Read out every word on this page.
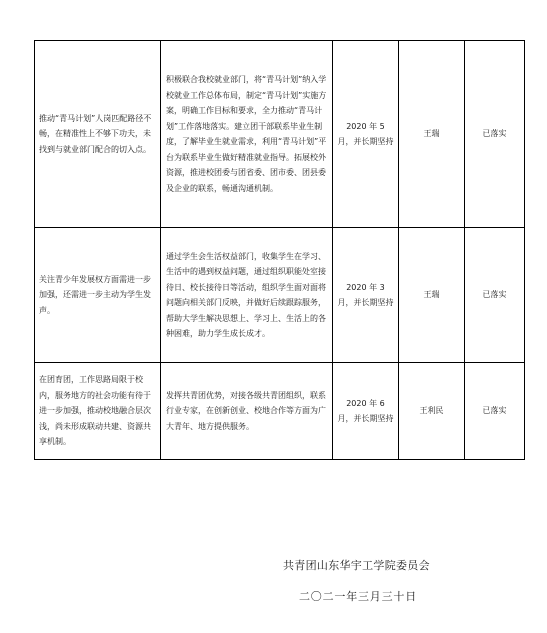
推动“青马计划”人岗匹配路径不畅，在精准性上不够下功夫，未找到与就业部门配合的切入点。	积极联合我校就业部门，将“青马计划”纳入学校就业工作总体布局，制定“青马计划”实施方案，明确工作目标和要求，全力推动“青马计划”工作落地落实。建立团干部联系毕业生制度，了解毕业生就业需求，利用“青马计划”平台为联系毕业生做好精准就业指导。拓展校外资源，推进校团委与团省委、团市委、团县委及企业的联系，畅通沟通机制。	2020 年 5 月，并长期坚持	王瑞	已落实
关注青少年发展权方面需进一步加强，还需进一步主动为学生发声。	通过学生会生活权益部门，收集学生在学习、生活中的遇到权益问题，通过组织职能处室接待日、校长接待日等活动，组织学生面对面将问题向相关部门反映，并做好后续跟踪服务，帮助大学生解决思想上、学习上、生活上的各种困难，助力学生成长成才。	2020 年 3 月，并长期坚持	王瑞	已落实
在团育团，工作思路局限于校内，服务地方的社会功能有待于进一步加强，推动校地融合层次浅，尚未形成联动共建、资源共享机制。	发挥共青团优势，对接各级共青团组织，联系行业专家，在创新创业、校地合作等方面为广大青年、地方提供服务。	2020 年 6 月，并长期坚持	王利民	已落实
共青团山东华宇工学院委员会
二〇二一年三月三十日
